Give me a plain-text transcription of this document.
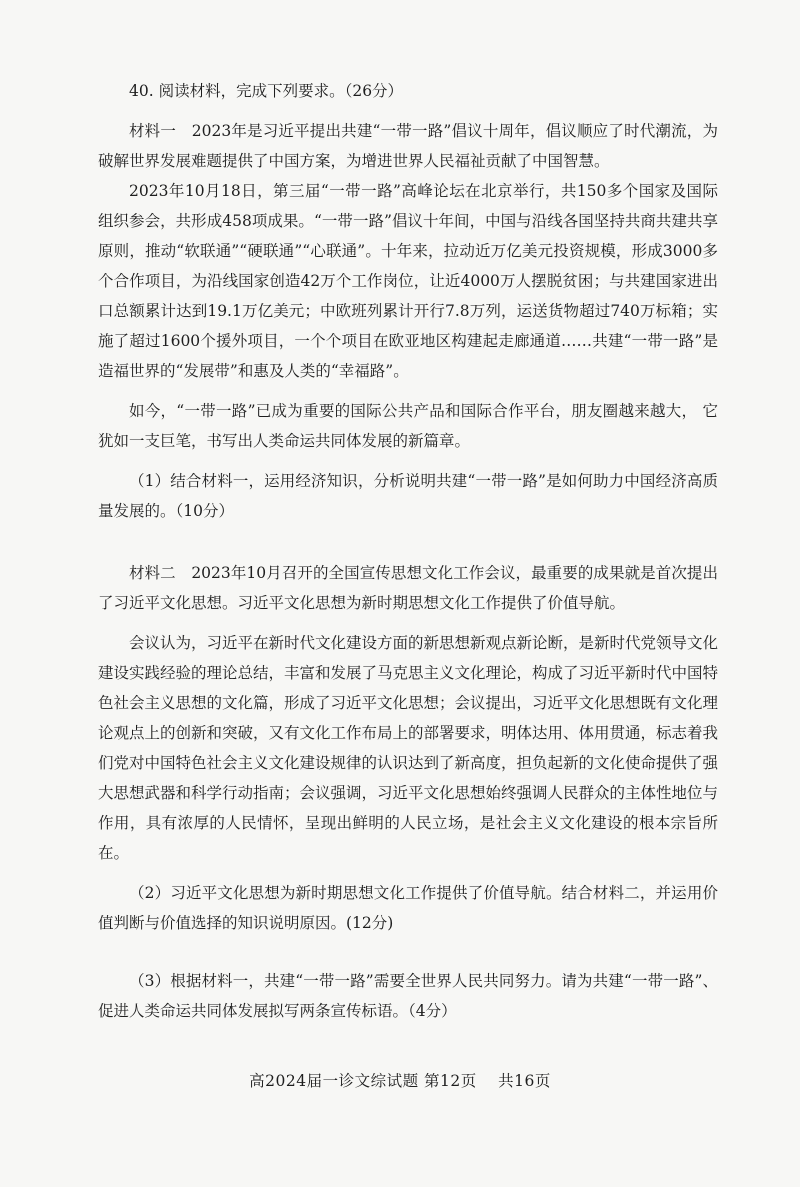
40. 阅读材料，完成下列要求。（26分）

材料一　2023年是习近平提出共建“一带一路”倡议十周年，倡议顺应了时代潮流，为破解世界发展难题提供了中国方案，为增进世界人民福祉贡献了中国智慧。

2023年10月18日，第三届“一带一路”高峰论坛在北京举行，共150多个国家及国际组织参会，共形成458项成果。“一带一路”倡议十年间，中国与沿线各国坚持共商共建共享原则，推动“软联通”“硬联通”“心联通”。十年来，拉动近万亿美元投资规模，形成3000多个合作项目，为沿线国家创造42万个工作岗位，让近4000万人摆脱贫困；与共建国家进出口总额累计达到19.1万亿美元；中欧班列累计开行7.8万列，运送货物超过740万标箱；实施了超过1600个援外项目，一个个项目在欧亚地区构建起走廊通道……共建“一带一路”是造福世界的“发展带”和惠及人类的“幸福路”。

如今，“一带一路”已成为重要的国际公共产品和国际合作平台，朋友圈越来越大， 它犹如一支巨笔，书写出人类命运共同体发展的新篇章。

（1）结合材料一，运用经济知识，分析说明共建“一带一路”是如何助力中国经济高质量发展的。（10分）

材料二　2023年10月召开的全国宣传思想文化工作会议，最重要的成果就是首次提出了习近平文化思想。习近平文化思想为新时期思想文化工作提供了价值导航。

会议认为，习近平在新时代文化建设方面的新思想新观点新论断，是新时代党领导文化建设实践经验的理论总结，丰富和发展了马克思主义文化理论，构成了习近平新时代中国特色社会主义思想的文化篇，形成了习近平文化思想；会议提出，习近平文化思想既有文化理论观点上的创新和突破，又有文化工作布局上的部署要求，明体达用、体用贯通，标志着我们党对中国特色社会主义文化建设规律的认识达到了新高度，担负起新的文化使命提供了强大思想武器和科学行动指南；会议强调，习近平文化思想始终强调人民群众的主体性地位与作用，具有浓厚的人民情怀，呈现出鲜明的人民立场，是社会主义文化建设的根本宗旨所在。

（2）习近平文化思想为新时期思想文化工作提供了价值导航。结合材料二，并运用价值判断与价值选择的知识说明原因。(12分)

（3）根据材料一，共建“一带一路”需要全世界人民共同努力。请为共建“一带一路”、促进人类命运共同体发展拟写两条宣传标语。（4分）

高2024届一诊文综试题 第12页　 共16页
